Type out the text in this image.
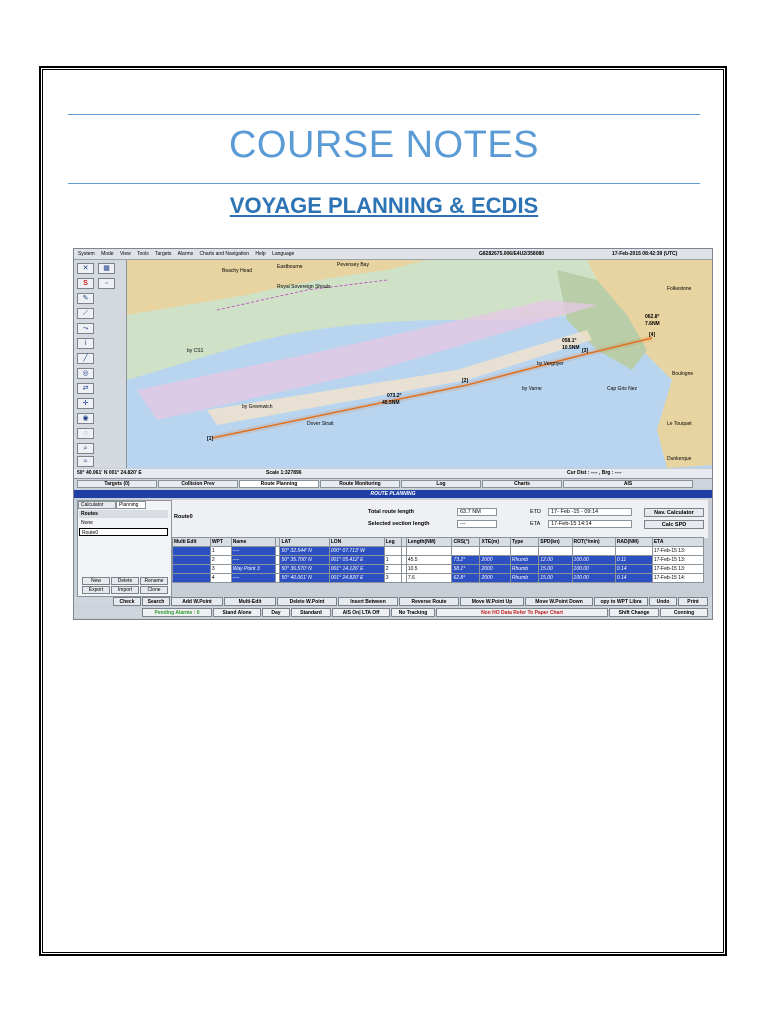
COURSE NOTES
VOYAGE PLANNING & ECDIS
System Mode View Tools Targets Alarms Charts and Navigation Help Language	G8282675.006/E4U2/358080	17-Feb-2015 08:42:39 (UTC)
✕	▦
S	▫
✎
⟋
⤳
i
╱
◎
⇄
✛
◉
◌
⌕
≈
073.2°
45.5NM
058.1°
10.5NM
062.8°
7.6NM
[1]
[2]
[3]
[4]
Beachy Head
Royal Sovereign Shoals
Eastbourne	Pevensey Bay
by CS1
by Greenwich
Dover Strait
by Varne
Folkestone
by Vergoyer
Cap Gris Nez
Boulogne
Le Touquet
Dunkerque
50° 40.061' N 001° 24.820' E	Scale 1:327896	Cur Dist : ---- , Brg : ----
Targets (0)	Collision Prev	Route Planning	Route Monitoring	Log	Charts	AIS
ROUTE PLANNING
Calculator	Planning
Routes
None
Route0
New	Delete	Rename
Export	Import	Clone
Route0
Total route length	63.7 NM
Selected section length	---
ETD	17- Feb -15 - 09:14
ETA	17-Feb-15 14:14
Nav. Calculator
Calc SPD
Multi Edit	WPT	Name		LAT	LON	Leg		Length(NM)	CRS(°)	XTE(m)	Type	SPD(kn)	ROT(°/min)	RAD(NM)	ETA
	1	----		50° 32.544' N	000° 07.713' W										17-Feb-15 13:
	2	----		50° 35.700' N	001° 05.412' E	1		45.5	73.2°	2000	Rhumb	12.00	100.00	0.11	17-Feb-15 13:
	3	Way Point 3		50° 36.570' N	001° 14.126' E	2		10.5	58.1°	2000	Rhumb	15.00	100.00	0.14	17-Feb-15 13:
	4	----		50° 40.061' N	001° 24.820' E	3		7.6	62.8°	2000	Rhumb	15.00	100.00	0.14	17-Feb-15 14:
Check	Search	Add W.Point	Multi-Edit	Delete W.Point	Insert Between	Reverse Route	Move W.Point Up	Move W.Point Down	opy to WPT Libra	Undo	Print
Pending Alarms : 0	Stand Alone	Day	Standard	AIS On| LTA Off	No Tracking	Non HO Data Refer To Paper Chart	Shift Change	Conning
